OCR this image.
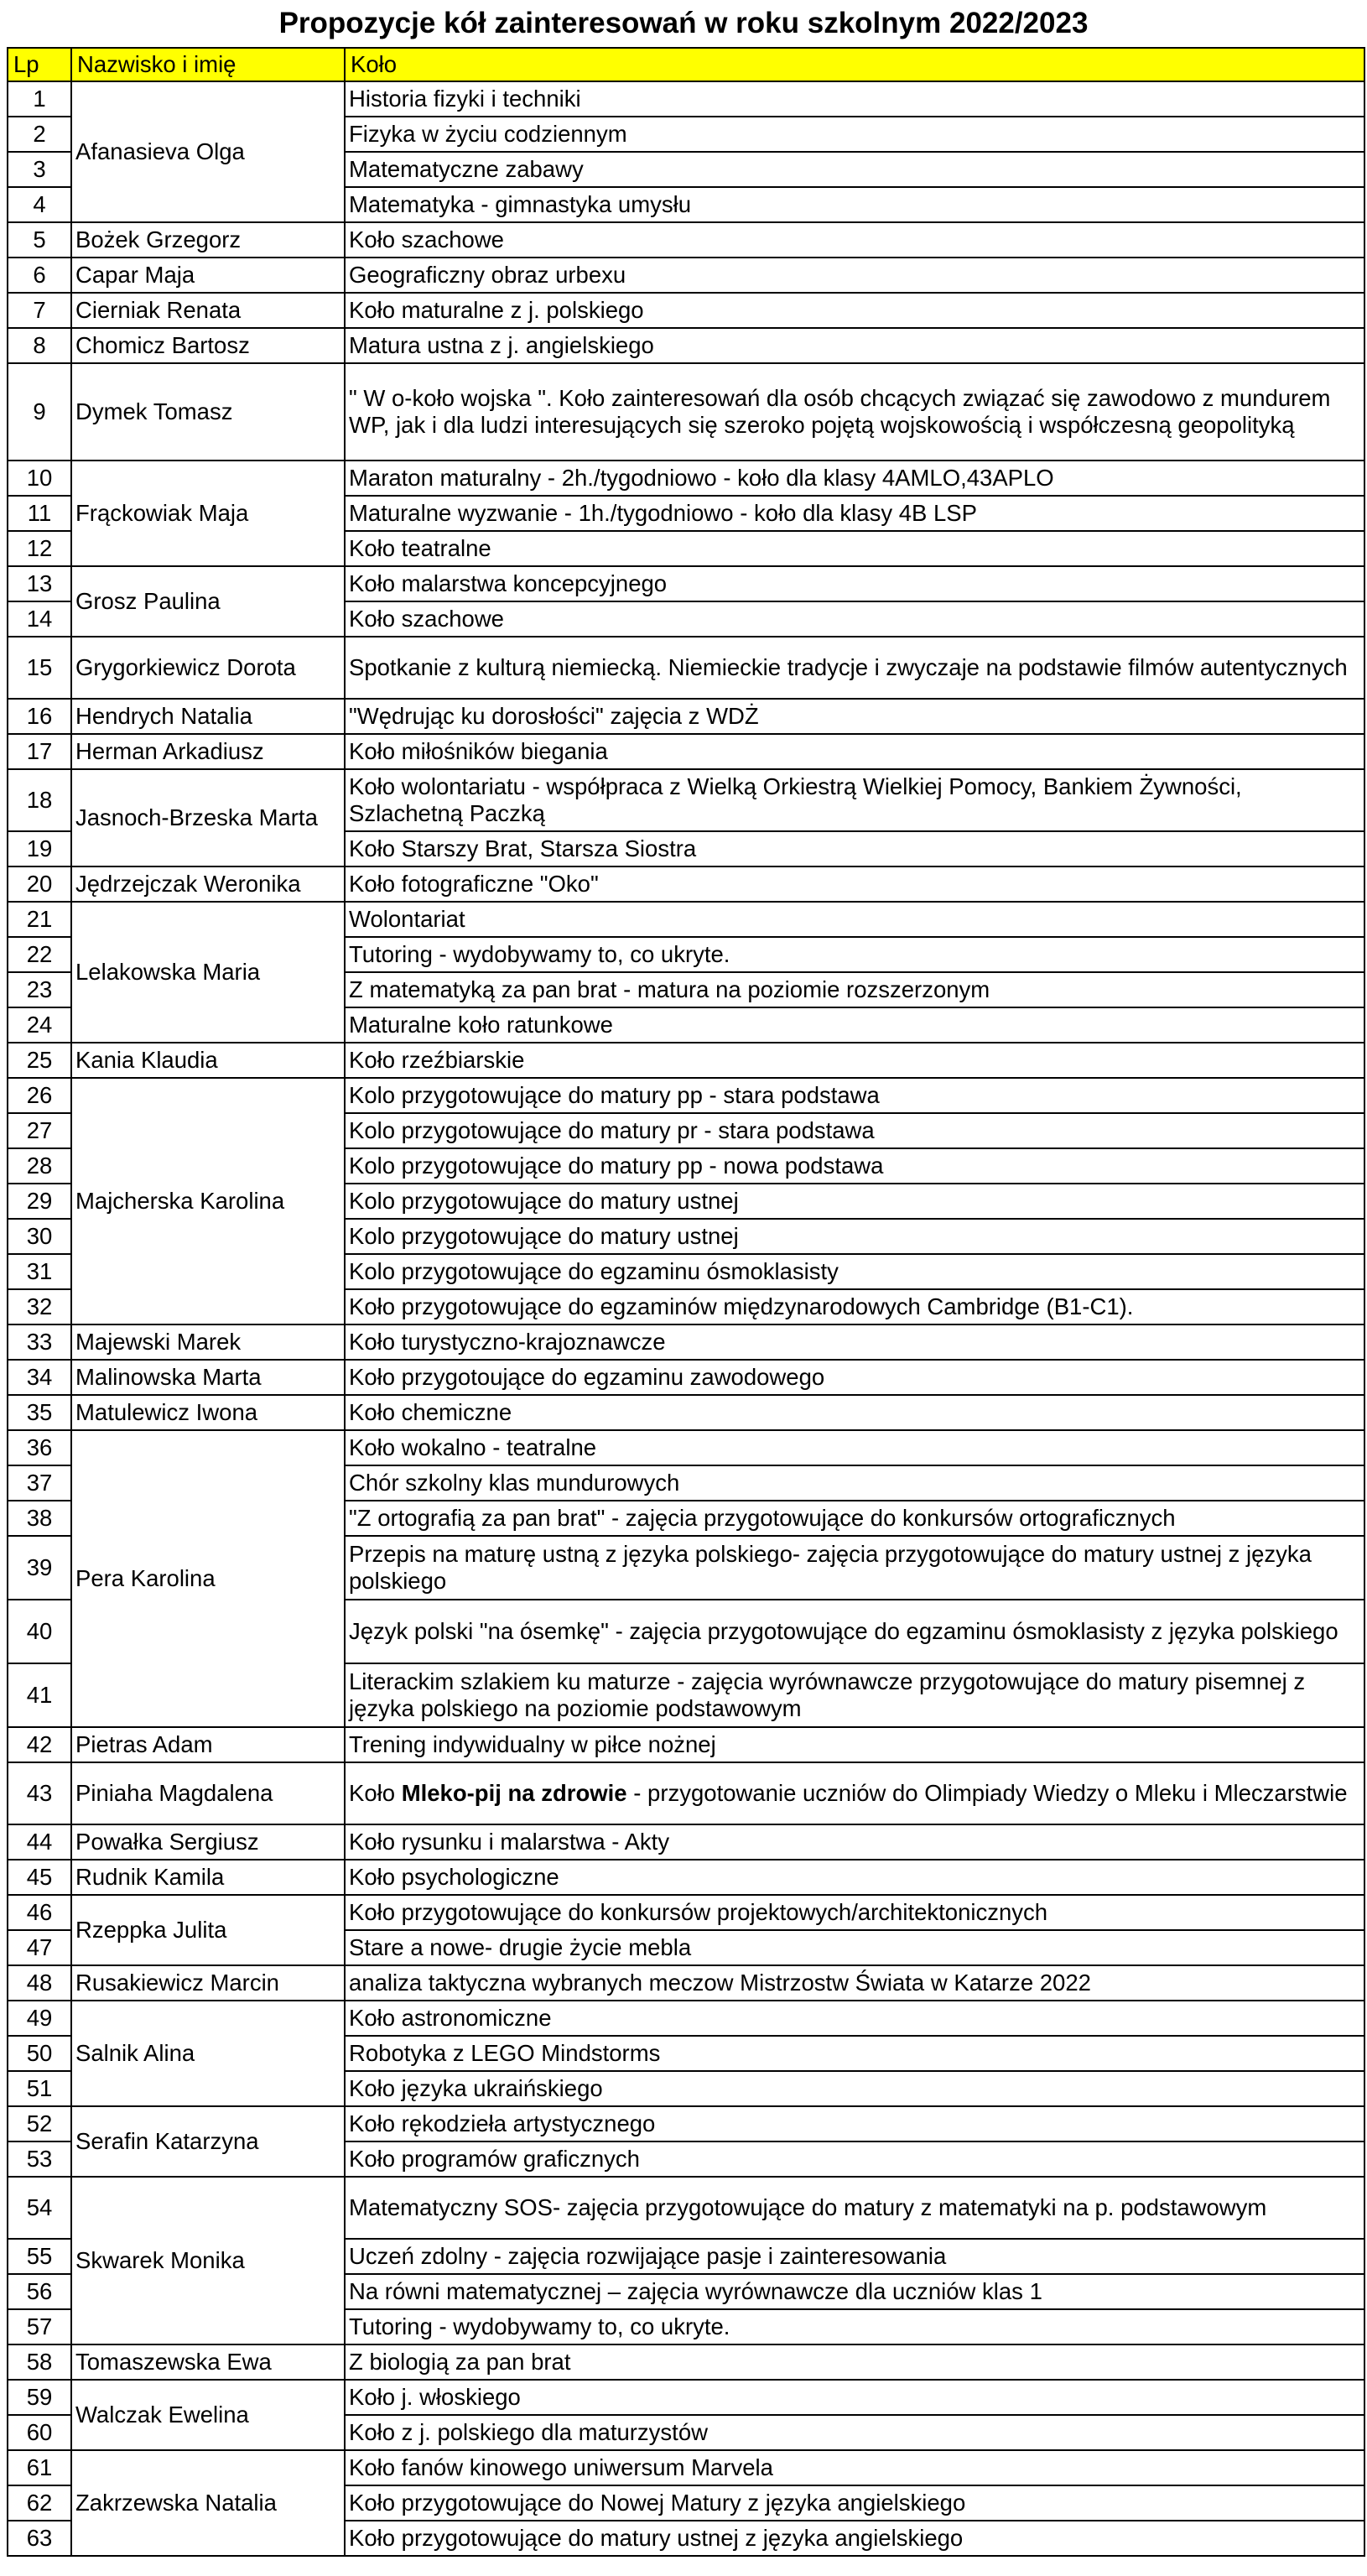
Propozycje kół zainteresowań w roku szkolnym 2022/2023
Lp	Nazwisko i imię	Koło
1	Afanasieva Olga	Historia fizyki i techniki
2		Fizyka w życiu codziennym
3		Matematyczne zabawy
4		Matematyka - gimnastyka umysłu
5	Bożek Grzegorz	Koło szachowe
6	Capar Maja	Geograficzny obraz urbexu
7	Cierniak Renata	Koło maturalne z j. polskiego
8	Chomicz Bartosz	Matura ustna z j. angielskiego
9	Dymek Tomasz	" W o-koło wojska ". Koło zainteresowań dla osób chcących związać się zawodowo z mundurem WP, jak i dla ludzi interesujących się szeroko pojętą wojskowością i współczesną geopolityką
10	Frąckowiak Maja	Maraton maturalny - 2h./tygodniowo - koło dla klasy 4AMLO,43APLO
11		Maturalne wyzwanie - 1h./tygodniowo - koło dla klasy 4B LSP
12		Koło teatralne
13	Grosz Paulina	Koło malarstwa koncepcyjnego
14		Koło szachowe
15	Grygorkiewicz Dorota	Spotkanie z kulturą niemiecką. Niemieckie tradycje i zwyczaje na podstawie filmów autentycznych
16	Hendrych Natalia	"Wędrując ku dorosłości" zajęcia z WDŻ
17	Herman Arkadiusz	Koło miłośników biegania
18	Jasnoch-Brzeska Marta	Koło wolontariatu - współpraca z Wielką Orkiestrą Wielkiej Pomocy, Bankiem Żywności, Szlachetną Paczką
19		Koło Starszy Brat, Starsza Siostra
20	Jędrzejczak Weronika	Koło fotograficzne "Oko"
21	Lelakowska Maria	Wolontariat
22		Tutoring - wydobywamy to, co ukryte.
23		Z matematyką za pan brat - matura na poziomie rozszerzonym
24		Maturalne koło ratunkowe
25	Kania Klaudia	Koło rzeźbiarskie
26	Majcherska Karolina	Kolo przygotowujące do matury pp - stara podstawa
27		Kolo przygotowujące do matury pr - stara podstawa
28		Kolo przygotowujące do matury pp - nowa podstawa
29		Kolo przygotowujące do matury ustnej
30		Kolo przygotowujące do matury ustnej
31		Kolo przygotowujące do egzaminu ósmoklasisty
32		Koło przygotowujące do egzaminów międzynarodowych Cambridge (B1-C1).
33	Majewski Marek	Koło turystyczno-krajoznawcze
34	Malinowska Marta	Koło przygotoujące do egzaminu zawodowego
35	Matulewicz Iwona	Koło chemiczne
36	Pera Karolina	Koło wokalno - teatralne
37		Chór szkolny klas mundurowych
38		"Z ortografią za pan brat" - zajęcia przygotowujące do konkursów ortograficznych
39		Przepis na maturę ustną z języka polskiego- zajęcia przygotowujące do matury ustnej z języka polskiego
40		Język polski "na ósemkę" - zajęcia przygotowujące do egzaminu ósmoklasisty z języka polskiego
41		Literackim szlakiem ku maturze - zajęcia wyrównawcze przygotowujące do matury pisemnej z języka polskiego na poziomie podstawowym
42	Pietras Adam	Trening indywidualny w piłce nożnej
43	Piniaha Magdalena	Koło Mleko-pij na zdrowie - przygotowanie uczniów do Olimpiady Wiedzy o Mleku i Mleczarstwie
44	Powałka Sergiusz	Koło rysunku i malarstwa - Akty
45	Rudnik Kamila	Koło psychologiczne
46	Rzeppka Julita	Koło przygotowujące do konkursów projektowych/architektonicznych
47		Stare a nowe- drugie życie mebla
48	Rusakiewicz Marcin	analiza taktyczna wybranych meczow Mistrzostw Świata w Katarze 2022
49	Salnik Alina	Koło astronomiczne
50		Robotyka z LEGO Mindstorms
51		Koło języka ukraińskiego
52	Serafin Katarzyna	Koło rękodzieła artystycznego
53		Koło programów graficznych
54	Skwarek Monika	Matematyczny SOS- zajęcia przygotowujące do matury z matematyki na p. podstawowym
55		Uczeń zdolny - zajęcia rozwijające pasje i zainteresowania
56		Na równi matematycznej – zajęcia wyrównawcze dla uczniów klas 1
57		Tutoring - wydobywamy to, co ukryte.
58	Tomaszewska Ewa	Z biologią za pan brat
59	Walczak Ewelina	Koło j. włoskiego
60		Koło z j. polskiego dla maturzystów
61	Zakrzewska Natalia	Koło fanów kinowego uniwersum Marvela
62		Koło przygotowujące do Nowej Matury z języka angielskiego
63		Koło przygotowujące do matury ustnej z języka angielskiego
